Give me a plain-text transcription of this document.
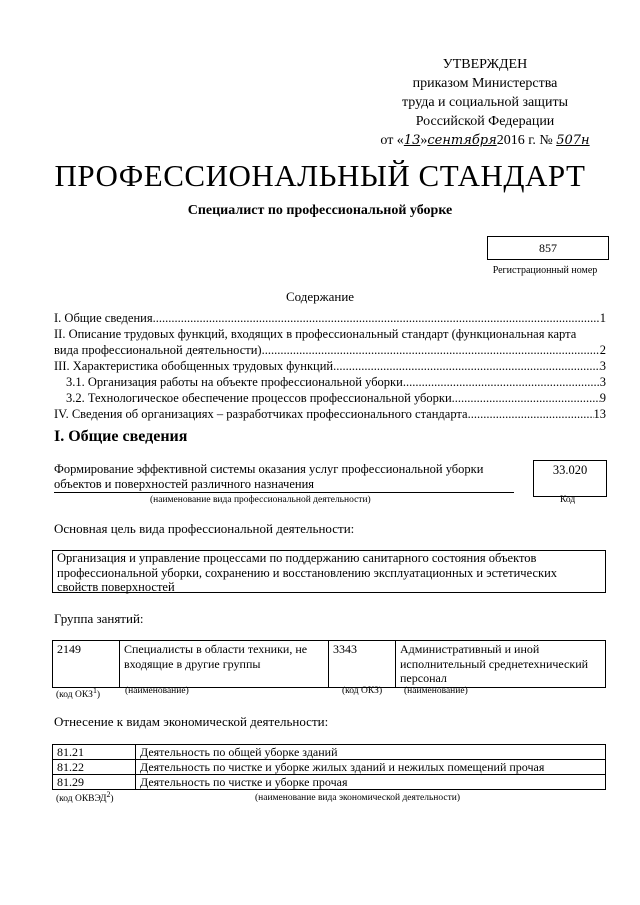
УТВЕРЖДЕН
приказом Министерства
труда и социальной защиты
Российской Федерации
от «13»сентября2016 г. № 507н
ПРОФЕССИОНАЛЬНЫЙ СТАНДАРТ
Специалист по профессиональной уборке
857
Регистрационный номер
Содержание
I. Общие сведения .....	1
II. Описание трудовых функций, входящих в профессиональный стандарт (функциональная карта
вида профессиональной деятельности) .....	2
III. Характеристика обобщенных трудовых функций .....	3
3.1. Организация работы на объекте профессиональной уборки .....	3
3.2. Технологическое обеспечение процессов профессиональной уборки .....	9
IV. Сведения об организациях – разработчиках профессионального стандарта .....	13
I. Общие сведения
Формирование эффективной системы оказания услуг профессиональной уборки объектов и поверхностей различного назначения
33.020
(наименование вида профессиональной деятельности)	Код
Основная цель вида профессиональной деятельности:
Организация и управление процессами по поддержанию санитарного состояния объектов профессиональной уборки, сохранению и восстановлению эксплуатационных и эстетических свойств поверхностей
Группа занятий:
2149	Специалисты в области техники, не входящие в другие группы	3343	Административный и иной исполнительный среднетехнический персонал
(код ОКЗ$^1$)	(наименование)	(код ОКЗ) (наименование)
Отнесение к видам экономической деятельности:
81.21	Деятельность по общей уборке зданий
81.22	Деятельность по чистке и уборке жилых зданий и нежилых помещений прочая
81.29	Деятельность по чистке и уборке прочая
(код ОКВЭД$^2$)	(наименование вида экономической деятельности)
